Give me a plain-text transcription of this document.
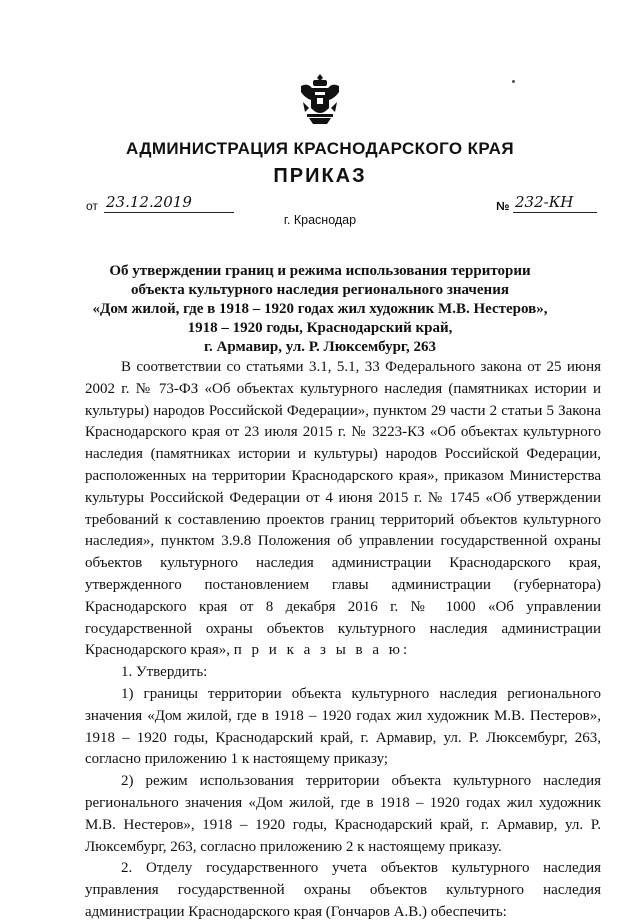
АДМИНИСТРАЦИЯ КРАСНОДАРСКОГО КРАЯ
ПРИКАЗ
от 23.12.2019	№ 232-КН
г. Краснодар
Об утверждении границ и режима использования территории
объекта культурного наследия регионального значения
«Дом жилой, где в 1918 – 1920 годах жил художник М.В. Нестеров»,
1918 – 1920 годы, Краснодарский край,
г. Армавир, ул. Р. Люксембург, 263

В соответствии со статьями 3.1, 5.1, 33 Федерального закона от 25 июня 2002 г. № 73-ФЗ «Об объектах культурного наследия (памятниках истории и культуры) народов Российской Федерации», пунктом 29 части 2 статьи 5 Закона Краснодарского края от 23 июля 2015 г. № 3223-КЗ «Об объектах культурного наследия (памятниках истории и культуры) народов Российской Федерации, расположенных на территории Краснодарского края», приказом Министерства культуры Российской Федерации от 4 июня 2015 г. № 1745 «Об утверждении требований к составлению проектов границ территорий объектов культурного наследия», пунктом 3.9.8 Положения об управлении государственной охраны объектов культурного наследия администрации Краснодарского края, утвержденного постановлением главы администрации (губернатора) Краснодарского края от 8 декабря 2016 г. № 1000 «Об управлении государственной охраны объектов культурного наследия администрации Краснодарского края», п р и к а з ы в а ю:

1. Утвердить:

1) границы территории объекта культурного наследия регионального значения «Дом жилой, где в 1918 – 1920 годах жил художник М.В. Пестеров», 1918 – 1920 годы, Краснодарский край, г. Армавир, ул. Р. Люксембург, 263, согласно приложению 1 к настоящему приказу;

2) режим использования территории объекта культурного наследия регионального значения «Дом жилой, где в 1918 – 1920 годах жил художник М.В. Нестеров», 1918 – 1920 годы, Краснодарский край, г. Армавир, ул. Р. Люксембург, 263, согласно приложению 2 к настоящему приказу.

2. Отделу государственного учета объектов культурного наследия управления государственной охраны объектов культурного наследия администрации Краснодарского края (Гончаров А.В.) обеспечить:
